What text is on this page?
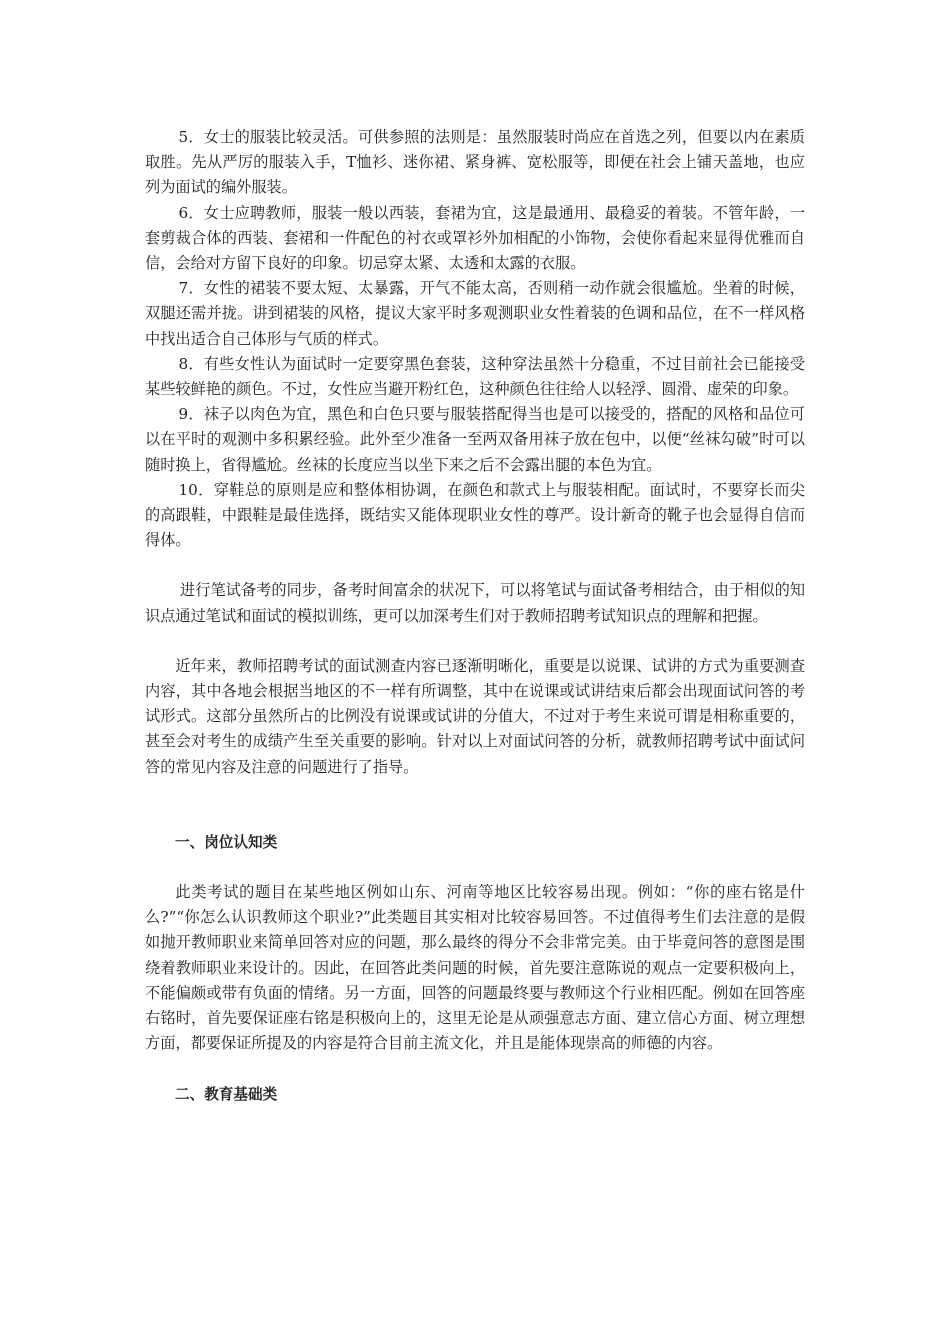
5．女士的服装比较灵活。可供参照的法则是：虽然服装时尚应在首选之列，但要以内在素质取胜。先从严厉的服装入手，T恤衫、迷你裙、紧身裤、宽松服等，即便在社会上铺天盖地，也应列为面试的编外服装。

6．女士应聘教师，服装一般以西装，套裙为宜，这是最通用、最稳妥的着装。不管年龄，一套剪裁合体的西装、套裙和一件配色的衬衣或罩衫外加相配的小饰物，会使你看起来显得优雅而自信，会给对方留下良好的印象。切忌穿太紧、太透和太露的衣服。

7．女性的裙装不要太短、太暴露，开气不能太高，否则稍一动作就会很尴尬。坐着的时候，双腿还需并拢。讲到裙装的风格，提议大家平时多观测职业女性着装的色调和品位，在不一样风格中找出适合自己体形与气质的样式。

8．有些女性认为面试时一定要穿黑色套装，这种穿法虽然十分稳重，不过目前社会已能接受某些较鲜艳的颜色。不过，女性应当避开粉红色，这种颜色往往给人以轻浮、圆滑、虚荣的印象。

9．袜子以肉色为宜，黑色和白色只要与服装搭配得当也是可以接受的，搭配的风格和品位可以在平时的观测中多积累经验。此外至少准备一至两双备用袜子放在包中，以便“丝袜勾破”时可以随时换上，省得尴尬。丝袜的长度应当以坐下来之后不会露出腿的本色为宜。

10．穿鞋总的原则是应和整体相协调，在颜色和款式上与服装相配。面试时，不要穿长而尖的高跟鞋，中跟鞋是最佳选择，既结实又能体现职业女性的尊严。设计新奇的靴子也会显得自信而得体。

进行笔试备考的同步，备考时间富余的状况下，可以将笔试与面试备考相结合，由于相似的知识点通过笔试和面试的模拟训练，更可以加深考生们对于教师招聘考试知识点的理解和把握。

近年来，教师招聘考试的面试测查内容已逐渐明晰化，重要是以说课、试讲的方式为重要测查内容，其中各地会根据当地区的不一样有所调整，其中在说课或试讲结束后都会出现面试问答的考试形式。这部分虽然所占的比例没有说课或试讲的分值大，不过对于考生来说可谓是相称重要的，甚至会对考生的成绩产生至关重要的影响。针对以上对面试问答的分析，就教师招聘考试中面试问答的常见内容及注意的问题进行了指导。

一、岗位认知类

此类考试的题目在某些地区例如山东、河南等地区比较容易出现。例如：“你的座右铭是什么?”“你怎么认识教师这个职业?”此类题目其实相对比较容易回答。不过值得考生们去注意的是假如抛开教师职业来简单回答对应的问题，那么最终的得分不会非常完美。由于毕竟问答的意图是围绕着教师职业来设计的。因此，在回答此类问题的时候，首先要注意陈说的观点一定要积极向上，不能偏颇或带有负面的情绪。另一方面，回答的问题最终要与教师这个行业相匹配。例如在回答座右铭时，首先要保证座右铭是积极向上的，这里无论是从顽强意志方面、建立信心方面、树立理想方面，都要保证所提及的内容是符合目前主流文化，并且是能体现崇高的师德的内容。

二、教育基础类
